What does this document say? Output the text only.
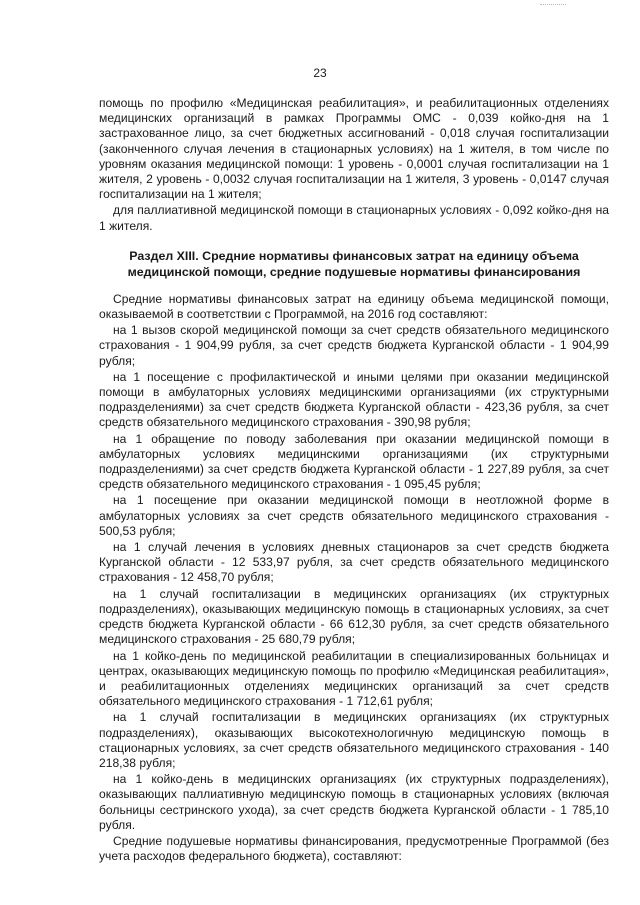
23

помощь по профилю «Медицинская реабилитация», и реабилитационных отделениях медицинских организаций в рамках Программы ОМС - 0,039 койко-дня на 1 застрахованное лицо, за счет бюджетных ассигнований - 0,018 случая госпитализации (законченного случая лечения в стационарных условиях) на 1 жителя, в том числе по уровням оказания медицинской помощи: 1 уровень - 0,0001 случая госпитализации на 1 жителя, 2 уровень - 0,0032 случая госпитализации на 1 жителя, 3 уровень - 0,0147 случая госпитализации на 1 жителя;

для паллиативной медицинской помощи в стационарных условиях - 0,092 койко-дня на 1 жителя.

Раздел XIII. Средние нормативы финансовых затрат на единицу объема
медицинской помощи, средние подушевые нормативы финансирования

Средние нормативы финансовых затрат на единицу объема медицинской помощи, оказываемой в соответствии с Программой, на 2016 год составляют:

на 1 вызов скорой медицинской помощи за счет средств обязательного медицинского страхования - 1 904,99 рубля, за счет средств бюджета Курганской области - 1 904,99 рубля;

на 1 посещение с профилактической и иными целями при оказании медицинской помощи в амбулаторных условиях медицинскими организациями (их структурными подразделениями) за счет средств бюджета Курганской области - 423,36 рубля, за счет средств обязательного медицинского страхования - 390,98 рубля;

на 1 обращение по поводу заболевания при оказании медицинской помощи в амбулаторных условиях медицинскими организациями (их структурными подразделениями) за счет средств бюджета Курганской области - 1 227,89 рубля, за счет средств обязательного медицинского страхования - 1 095,45 рубля;

на 1 посещение при оказании медицинской помощи в неотложной форме в амбулаторных условиях за счет средств обязательного медицинского страхования - 500,53 рубля;

на 1 случай лечения в условиях дневных стационаров за счет средств бюджета Курганской области - 12 533,97 рубля, за счет средств обязательного медицинского страхования - 12 458,70 рубля;

на 1 случай госпитализации в медицинских организациях (их структурных подразделениях), оказывающих медицинскую помощь в стационарных условиях, за счет средств бюджета Курганской области - 66 612,30 рубля, за счет средств обязательного медицинского страхования - 25 680,79 рубля;

на 1 койко-день по медицинской реабилитации в специализированных больницах и центрах, оказывающих медицинскую помощь по профилю «Медицинская реабилитация», и реабилитационных отделениях медицинских организаций за счет средств обязательного медицинского страхования - 1 712,61 рубля;

на 1 случай госпитализации в медицинских организациях (их структурных подразделениях), оказывающих высокотехнологичную медицинскую помощь в стационарных условиях, за счет средств обязательного медицинского страхования - 140 218,38 рубля;

на 1 койко-день в медицинских организациях (их структурных подразделениях), оказывающих паллиативную медицинскую помощь в стационарных условиях (включая больницы сестринского ухода), за счет средств бюджета Курганской области - 1 785,10 рубля.

Средние подушевые нормативы финансирования, предусмотренные Программой (без учета расходов федерального бюджета), составляют:
